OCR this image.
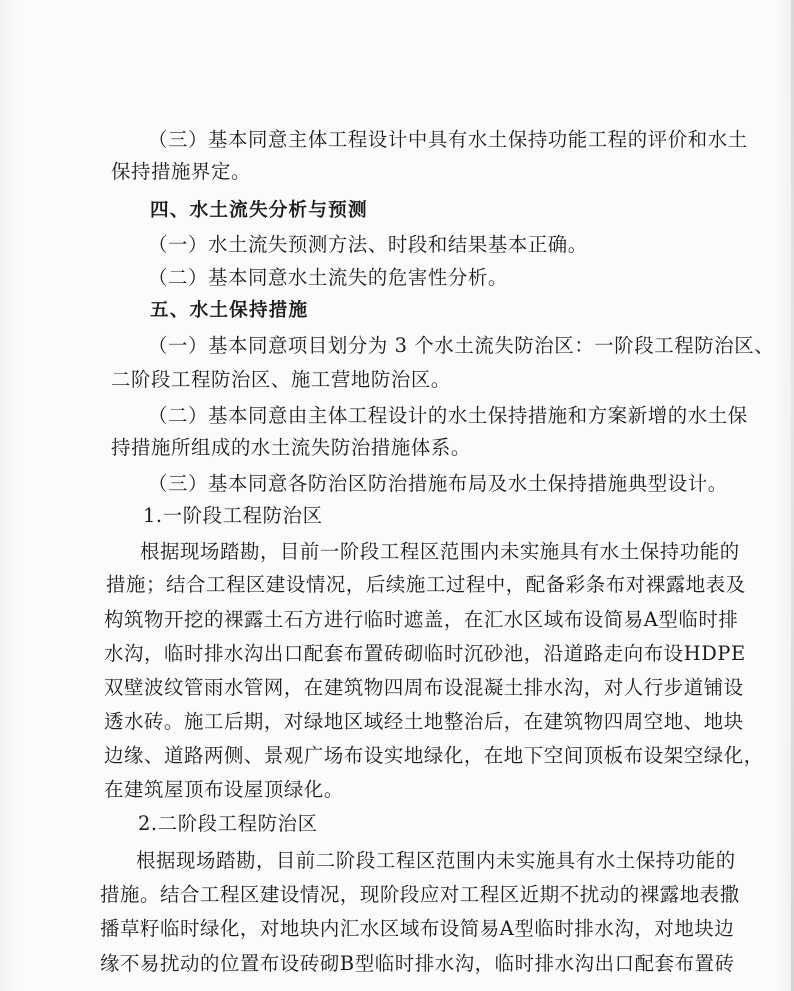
（三）基本同意主体工程设计中具有水土保持功能工程的评价和水土
保持措施界定。
四、水土流失分析与预测
（一）水土流失预测方法、时段和结果基本正确。
（二）基本同意水土流失的危害性分析。
五、水土保持措施
（一）基本同意项目划分为 3 个水土流失防治区：一阶段工程防治区、
二阶段工程防治区、施工营地防治区。
（二）基本同意由主体工程设计的水土保持措施和方案新增的水土保
持措施所组成的水土流失防治措施体系。
（三）基本同意各防治区防治措施布局及水土保持措施典型设计。
1.一阶段工程防治区
根据现场踏勘，目前一阶段工程区范围内未实施具有水土保持功能的
措施；结合工程区建设情况，后续施工过程中，配备彩条布对裸露地表及
构筑物开挖的裸露土石方进行临时遮盖，在汇水区域布设简易A型临时排
水沟，临时排水沟出口配套布置砖砌临时沉砂池，沿道路走向布设HDPE
双壁波纹管雨水管网，在建筑物四周布设混凝土排水沟，对人行步道铺设
透水砖。施工后期，对绿地区域经土地整治后，在建筑物四周空地、地块
边缘、道路两侧、景观广场布设实地绿化，在地下空间顶板布设架空绿化，
在建筑屋顶布设屋顶绿化。
2.二阶段工程防治区
根据现场踏勘，目前二阶段工程区范围内未实施具有水土保持功能的
措施。结合工程区建设情况，现阶段应对工程区近期不扰动的裸露地表撒
播草籽临时绿化，对地块内汇水区域布设简易A型临时排水沟，对地块边
缘不易扰动的位置布设砖砌B型临时排水沟，临时排水沟出口配套布置砖
